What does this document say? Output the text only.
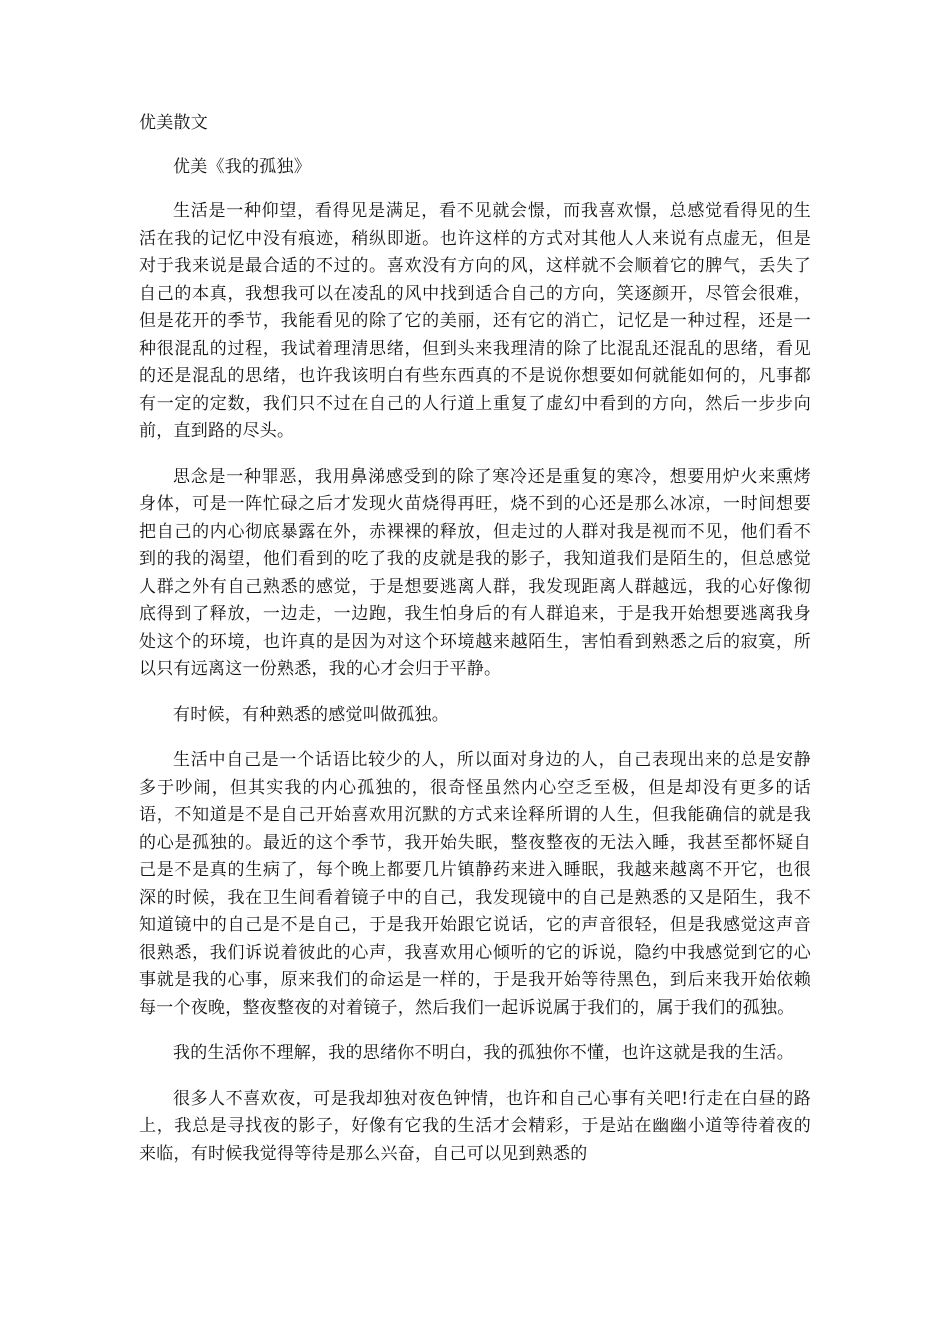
优美散文
优美《我的孤独》

生活是一种仰望，看得见是满足，看不见就会憬，而我喜欢憬，总感觉看得见的生活在我的记忆中没有痕迹，稍纵即逝。也许这样的方式对其他人人来说有点虚无，但是对于我来说是最合适的不过的。喜欢没有方向的风，这样就不会顺着它的脾气，丢失了自己的本真，我想我可以在凌乱的风中找到适合自己的方向，笑逐颜开，尽管会很难，但是花开的季节，我能看见的除了它的美丽，还有它的消亡，记忆是一种过程，还是一种很混乱的过程，我试着理清思绪，但到头来我理清的除了比混乱还混乱的思绪，看见的还是混乱的思绪，也许我该明白有些东西真的不是说你想要如何就能如何的，凡事都有一定的定数，我们只不过在自己的人行道上重复了虚幻中看到的方向，然后一步步向前，直到路的尽头。

思念是一种罪恶，我用鼻涕感受到的除了寒冷还是重复的寒冷，想要用炉火来熏烤身体，可是一阵忙碌之后才发现火苗烧得再旺，烧不到的心还是那么冰凉，一时间想要把自己的内心彻底暴露在外，赤裸裸的释放，但走过的人群对我是视而不见，他们看不到的我的渴望，他们看到的吃了我的皮就是我的影子，我知道我们是陌生的，但总感觉人群之外有自己熟悉的感觉，于是想要逃离人群，我发现距离人群越远，我的心好像彻底得到了释放，一边走，一边跑，我生怕身后的有人群追来，于是我开始想要逃离我身处这个的环境，也许真的是因为对这个环境越来越陌生，害怕看到熟悉之后的寂寞，所以只有远离这一份熟悉，我的心才会归于平静。

有时候，有种熟悉的感觉叫做孤独。

生活中自己是一个话语比较少的人，所以面对身边的人，自己表现出来的总是安静多于吵闹，但其实我的内心孤独的，很奇怪虽然内心空乏至极，但是却没有更多的话语，不知道是不是自己开始喜欢用沉默的方式来诠释所谓的人生，但我能确信的就是我的心是孤独的。最近的这个季节，我开始失眠，整夜整夜的无法入睡，我甚至都怀疑自己是不是真的生病了，每个晚上都要几片镇静药来进入睡眠，我越来越离不开它，也很深的时候，我在卫生间看着镜子中的自己，我发现镜中的自己是熟悉的又是陌生，我不知道镜中的自己是不是自己，于是我开始跟它说话，它的声音很轻，但是我感觉这声音很熟悉，我们诉说着彼此的心声，我喜欢用心倾听的它的诉说，隐约中我感觉到它的心事就是我的心事，原来我们的命运是一样的，于是我开始等待黑色，到后来我开始依赖每一个夜晚，整夜整夜的对着镜子，然后我们一起诉说属于我们的，属于我们的孤独。

我的生活你不理解，我的思绪你不明白，我的孤独你不懂，也许这就是我的生活。

很多人不喜欢夜，可是我却独对夜色钟情，也许和自己心事有关吧!行走在白昼的路上，我总是寻找夜的影子，好像有它我的生活才会精彩，于是站在幽幽小道等待着夜的来临，有时候我觉得等待是那么兴奋，自己可以见到熟悉的
